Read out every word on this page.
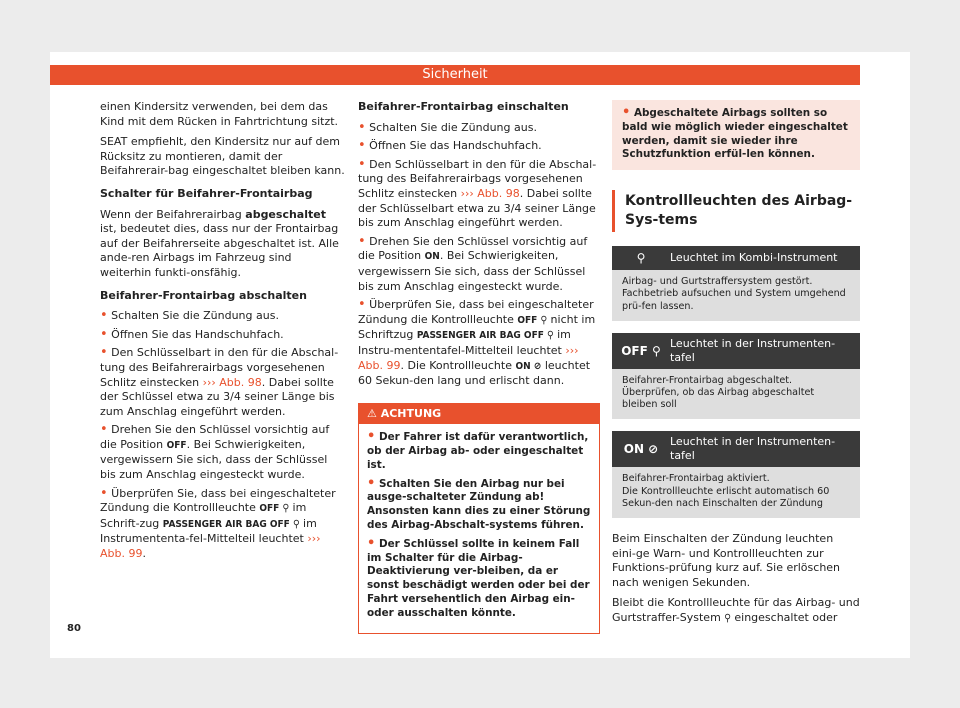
Sicherheit

einen Kindersitz verwenden, bei dem das Kind mit dem Rücken in Fahrtrichtung sitzt.

SEAT empfiehlt, den Kindersitz nur auf dem Rücksitz zu montieren, damit der Beifahrerair-bag eingeschaltet bleiben kann.

Schalter für Beifahrer-Frontairbag

Wenn der Beifahrerairbag abgeschaltet ist, bedeutet dies, dass nur der Frontairbag auf der Beifahrerseite abgeschaltet ist. Alle ande-ren Airbags im Fahrzeug sind weiterhin funkti-onsfähig.

Beifahrer-Frontairbag abschalten

• Schalten Sie die Zündung aus.

• Öffnen Sie das Handschuhfach.

• Den Schlüsselbart in den für die Abschal-tung des Beifahrerairbags vorgesehenen Schlitz einstecken ››› Abb. 98. Dabei sollte der Schlüssel etwa zu 3/4 seiner Länge bis zum Anschlag eingeführt werden.

• Drehen Sie den Schlüssel vorsichtig auf die Position OFF. Bei Schwierigkeiten, vergewissern Sie sich, dass der Schlüssel bis zum Anschlag eingesteckt wurde.

• Überprüfen Sie, dass bei eingeschalteter Zündung die Kontrollleuchte OFF ⚲ im Schrift-zug PASSENGER AIR BAG OFF ⚲ im Instrumententa-fel-Mittelteil leuchtet ››› Abb. 99.

Beifahrer-Frontairbag einschalten

• Schalten Sie die Zündung aus.

• Öffnen Sie das Handschuhfach.

• Den Schlüsselbart in den für die Abschal-tung des Beifahrerairbags vorgesehenen Schlitz einstecken ››› Abb. 98. Dabei sollte der Schlüsselbart etwa zu 3/4 seiner Länge bis zum Anschlag eingeführt werden.

• Drehen Sie den Schlüssel vorsichtig auf die Position ON. Bei Schwierigkeiten, vergewissern Sie sich, dass der Schlüssel bis zum Anschlag eingesteckt wurde.

• Überprüfen Sie, dass bei eingeschalteter Zündung die Kontrollleuchte OFF ⚲ nicht im Schriftzug PASSENGER AIR BAG OFF ⚲ im Instru-mententafel-Mittelteil leuchtet ››› Abb. 99. Die Kontrollleuchte ON ⊘ leuchtet 60 Sekun-den lang und erlischt dann.

⚠ ACHTUNG

• Der Fahrer ist dafür verantwortlich, ob der Airbag ab- oder eingeschaltet ist.

• Schalten Sie den Airbag nur bei ausge-schalteter Zündung ab! Ansonsten kann dies zu einer Störung des Airbag-Abschalt-systems führen.

• Der Schlüssel sollte in keinem Fall im Schalter für die Airbag-Deaktivierung ver-bleiben, da er sonst beschädigt werden oder bei der Fahrt versehentlich den Airbag ein- oder ausschalten könnte.

• Abgeschaltete Airbags sollten so bald wie möglich wieder eingeschaltet werden, damit sie wieder ihre Schutzfunktion erfül-len können.
Kontrollleuchten des Airbag-Sys-tems
⚲	Leuchtet im Kombi-Instrument
Airbag- und Gurtstraffersystem gestört.
Fachbetrieb aufsuchen und System umgehend prü-fen lassen.
OFF ⚲
Leuchtet in der Instrumenten-tafel
Beifahrer-Frontairbag abgeschaltet.
Überprüfen, ob das Airbag abgeschaltet bleiben soll
ON ⊘
Leuchtet in der Instrumenten-tafel
Beifahrer-Frontairbag aktiviert.
Die Kontrollleuchte erlischt automatisch 60 Sekun-den nach Einschalten der Zündung

Beim Einschalten der Zündung leuchten eini-ge Warn- und Kontrollleuchten zur Funktions-prüfung kurz auf. Sie erlöschen nach wenigen Sekunden.

Bleibt die Kontrollleuchte für das Airbag- und Gurtstraffer-System ⚲ eingeschaltet oder

80
